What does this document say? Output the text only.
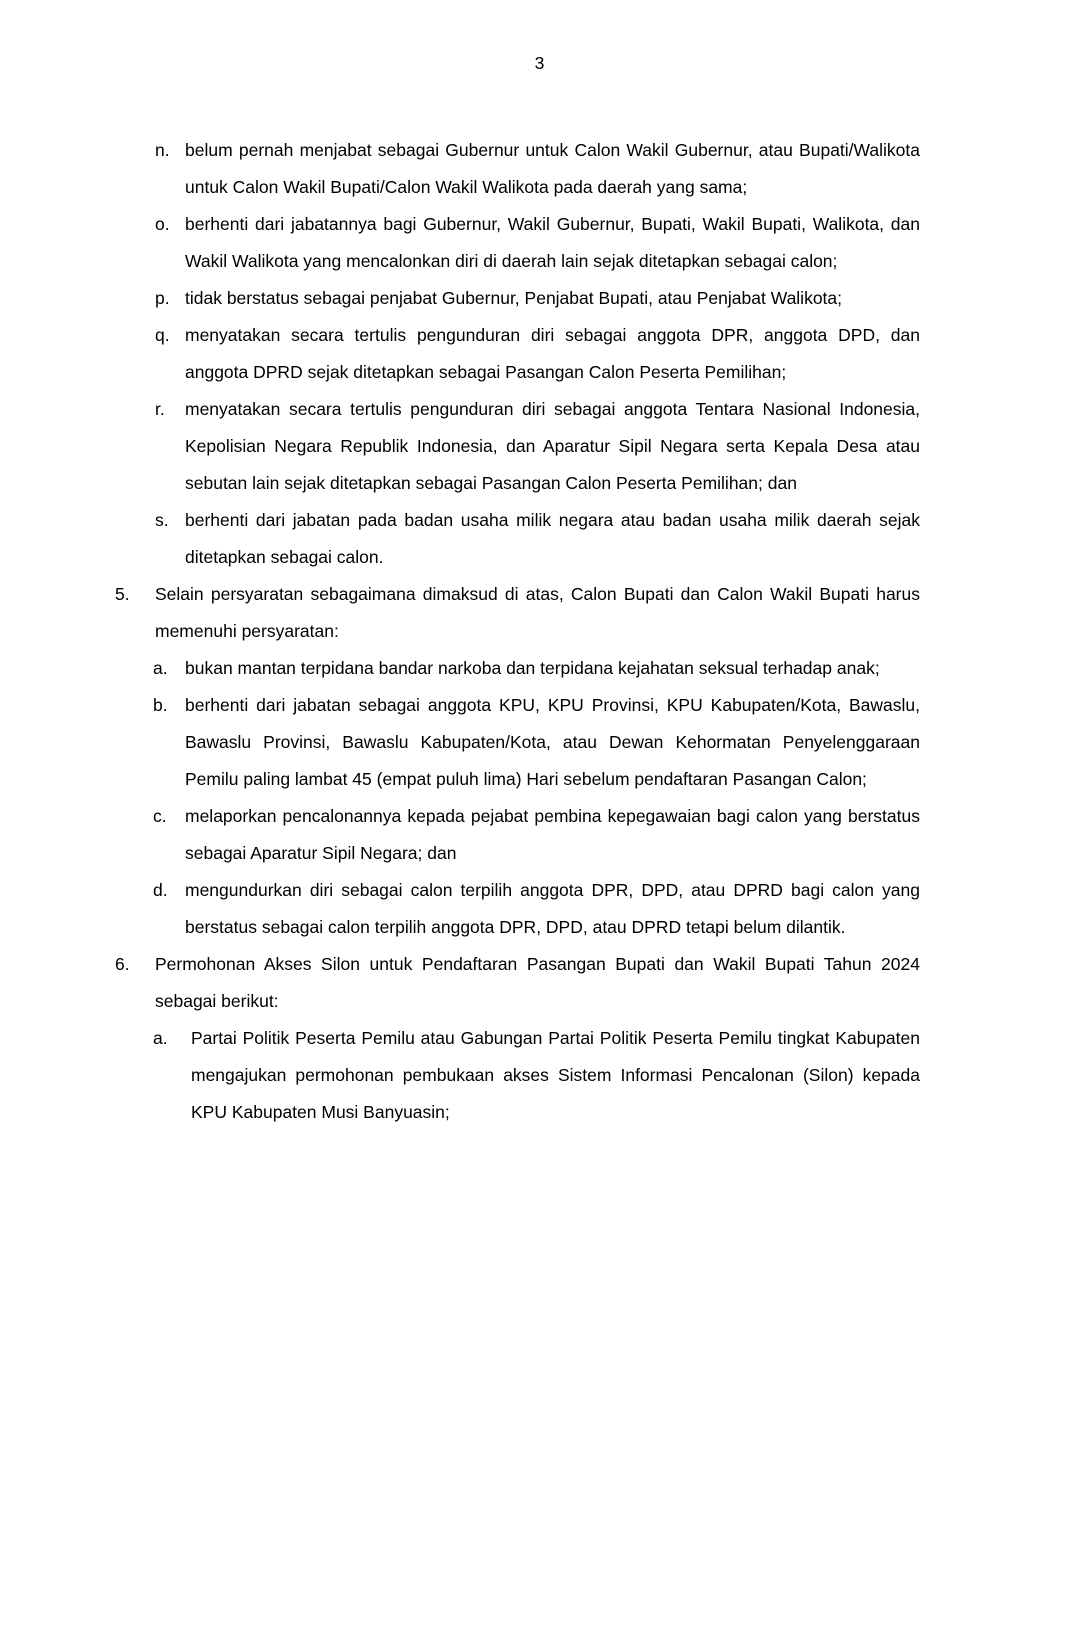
3
n. belum pernah menjabat sebagai Gubernur untuk Calon Wakil Gubernur, atau Bupati/Walikota untuk Calon Wakil Bupati/Calon Wakil Walikota pada daerah yang sama;
o. berhenti dari jabatannya bagi Gubernur, Wakil Gubernur, Bupati, Wakil Bupati, Walikota, dan Wakil Walikota yang mencalonkan diri di daerah lain sejak ditetapkan sebagai calon;
p. tidak berstatus sebagai penjabat Gubernur, Penjabat Bupati, atau Penjabat Walikota;
q. menyatakan secara tertulis pengunduran diri sebagai anggota DPR, anggota DPD, dan anggota DPRD sejak ditetapkan sebagai Pasangan Calon Peserta Pemilihan;
r.	menyatakan secara tertulis pengunduran diri sebagai anggota Tentara Nasional Indonesia, Kepolisian Negara Republik Indonesia, dan Aparatur Sipil Negara serta Kepala Desa atau sebutan lain sejak ditetapkan sebagai Pasangan Calon Peserta Pemilihan; dan
s. berhenti dari jabatan pada badan usaha milik negara atau badan usaha milik daerah sejak ditetapkan sebagai calon.
5.	Selain persyaratan sebagaimana dimaksud di atas, Calon Bupati dan Calon Wakil Bupati harus memenuhi persyaratan:
a. bukan mantan terpidana bandar narkoba dan terpidana kejahatan seksual terhadap anak;
b. berhenti dari jabatan sebagai anggota KPU, KPU Provinsi, KPU Kabupaten/Kota, Bawaslu, Bawaslu Provinsi, Bawaslu Kabupaten/Kota, atau Dewan Kehormatan Penyelenggaraan Pemilu paling lambat 45 (empat puluh lima) Hari sebelum pendaftaran Pasangan Calon;
c.	melaporkan pencalonannya kepada pejabat pembina kepegawaian bagi calon yang berstatus sebagai Aparatur Sipil Negara; dan
d. mengundurkan diri sebagai calon terpilih anggota DPR, DPD, atau DPRD bagi calon yang berstatus sebagai calon terpilih anggota DPR, DPD, atau DPRD tetapi belum dilantik.
6.	Permohonan Akses Silon untuk Pendaftaran Pasangan Bupati dan Wakil Bupati Tahun 2024 sebagai berikut:
a.	Partai Politik Peserta Pemilu atau Gabungan Partai Politik Peserta Pemilu tingkat Kabupaten mengajukan permohonan pembukaan akses Sistem Informasi Pencalonan (Silon) kepada KPU Kabupaten Musi Banyuasin;
